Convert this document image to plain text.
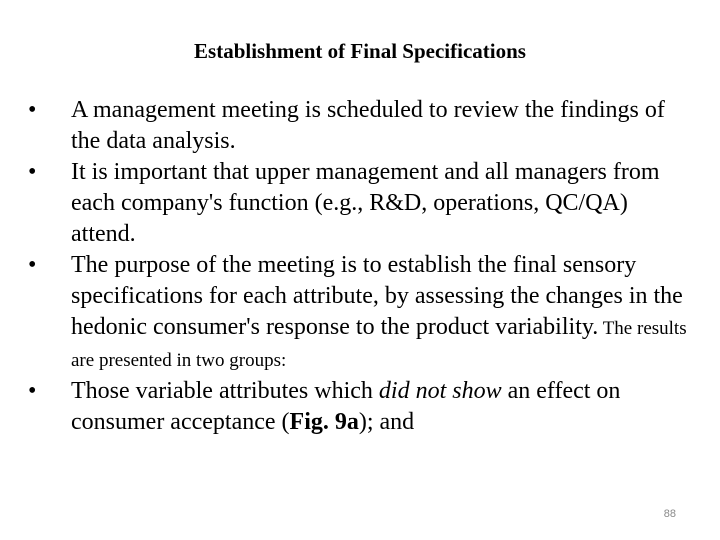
Establishment of Final Specifications
•	A management meeting is scheduled to review the findings of the data analysis.
•	It is important that upper management and all managers from each company's function (e.g., R&D, operations, QC/QA) attend.
•	The purpose of the meeting is to establish the final sensory specifications for each attribute, by assessing the changes in the hedonic consumer's response to the product variability. The results are presented in two groups:
•	Those variable attributes which did not show an effect on consumer acceptance (Fig. 9a); and
88
